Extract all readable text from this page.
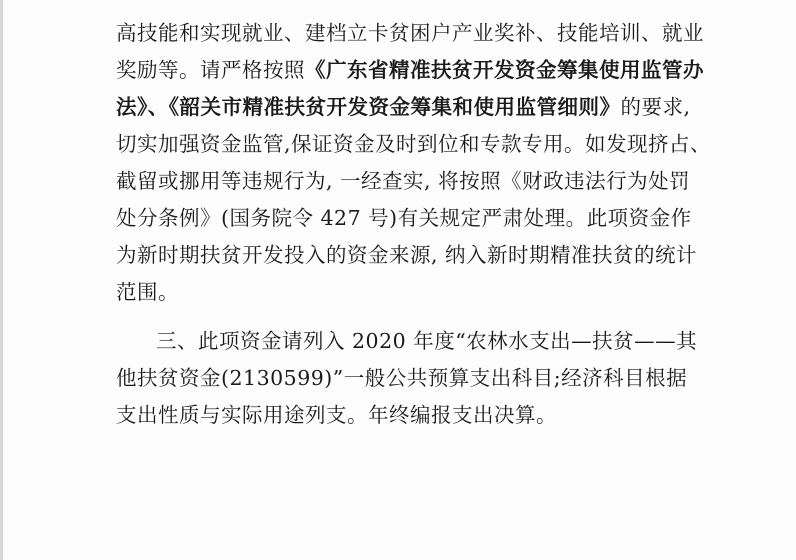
高技能和实现就业、建档立卡贫困户产业奖补、技能培训、就业
奖励等。请严格按照《广东省精准扶贫开发资金筹集使用监管办
法》、《韶关市精准扶贫开发资金筹集和使用监管细则》的要求,
切实加强资金监管,保证资金及时到位和专款专用。如发现挤占、
截留或挪用等违规行为, 一经查实, 将按照《财政违法行为处罚
处分条例》(国务院令 427 号)有关规定严肃处理。此项资金作
为新时期扶贫开发投入的资金来源, 纳入新时期精准扶贫的统计
范围。
三、此项资金请列入 2020 年度“农林水支出—扶贫——其
他扶贫资金(2130599)”一般公共预算支出科目;经济科目根据
支出性质与实际用途列支。年终编报支出决算。
